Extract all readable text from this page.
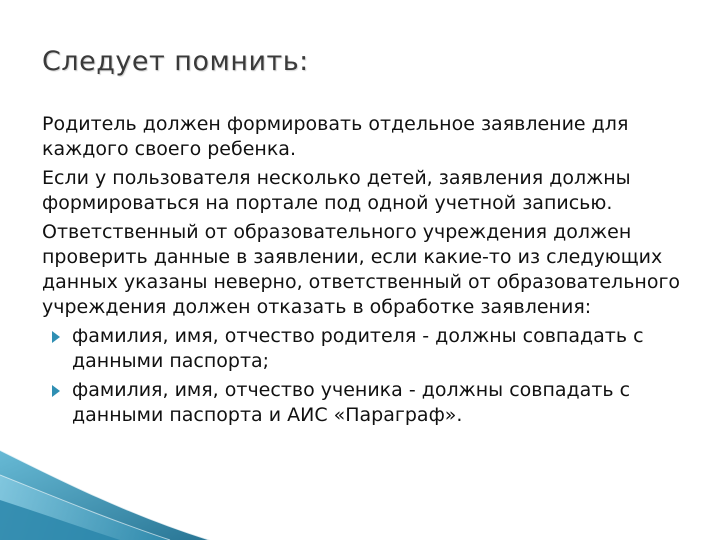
Следует помнить:

Родитель должен формировать отдельное заявление для каждого своего ребенка.

Если у пользователя несколько детей, заявления должны формироваться на портале под одной учетной записью.

Ответственный от образовательного учреждения должен проверить данные в заявлении, если какие-то из следующих данных указаны неверно, ответственный от образовательного учреждения должен отказать в обработке заявления:

фамилия, имя, отчество родителя - должны совпадать с данными паспорта;
фамилия, имя, отчество ученика - должны совпадать с данными паспорта и АИС «Параграф».
